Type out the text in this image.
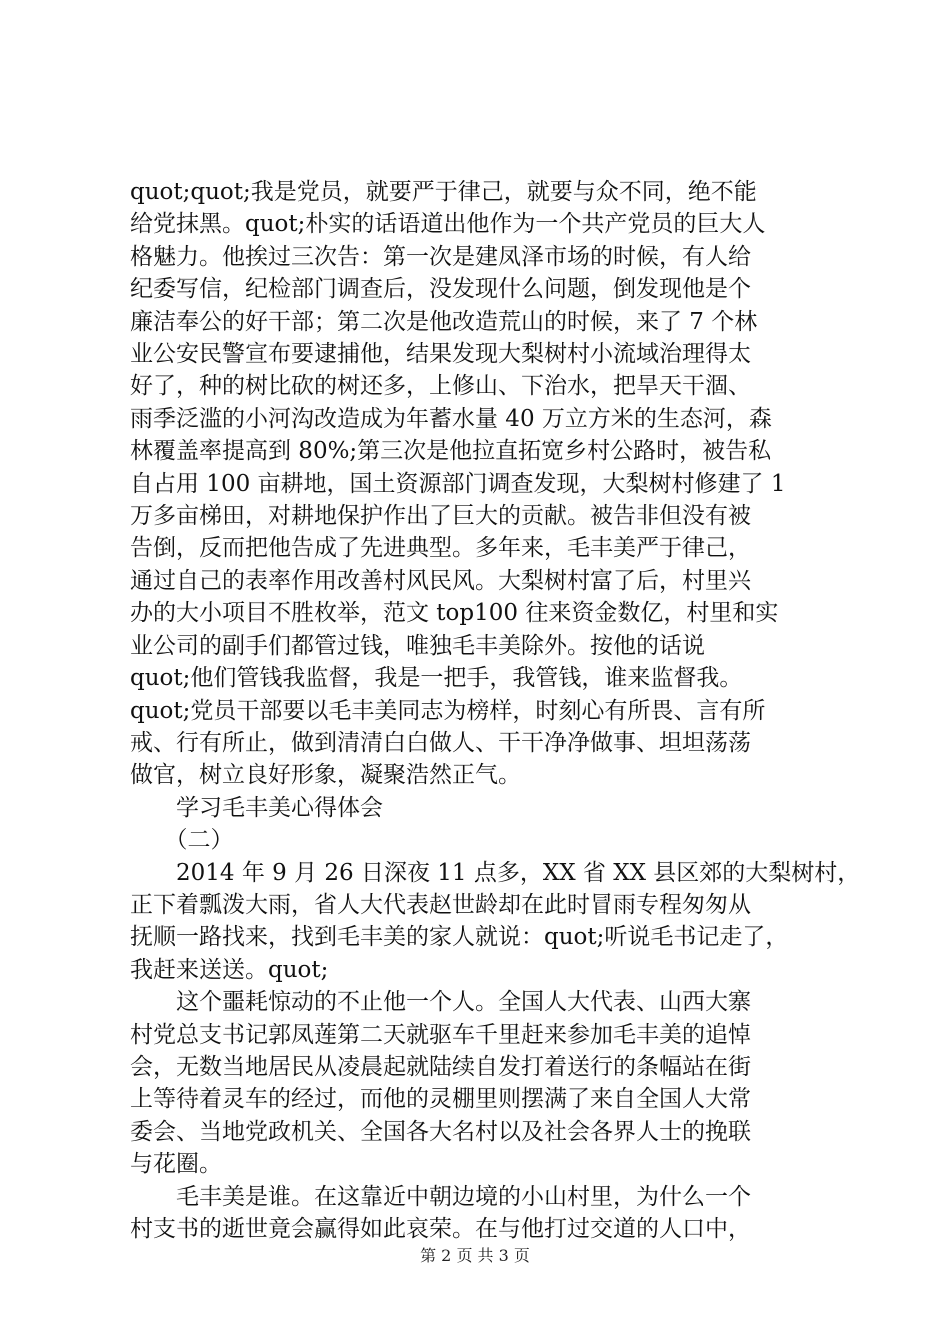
quot;quot;我是党员，就要严于律己，就要与众不同，绝不能
给党抹黑。quot;朴实的话语道出他作为一个共产党员的巨大人
格魅力。他挨过三次告：第一次是建凤泽市场的时候，有人给
纪委写信，纪检部门调查后，没发现什么问题，倒发现他是个
廉洁奉公的好干部；第二次是他改造荒山的时候，来了 7 个林
业公安民警宣布要逮捕他，结果发现大梨树村小流域治理得太
好了，种的树比砍的树还多，上修山、下治水，把旱天干涸、
雨季泛滥的小河沟改造成为年蓄水量 40 万立方米的生态河，森
林覆盖率提高到 80%;第三次是他拉直拓宽乡村公路时，被告私
自占用 100 亩耕地，国土资源部门调查发现，大梨树村修建了 1
万多亩梯田，对耕地保护作出了巨大的贡献。被告非但没有被
告倒，反而把他告成了先进典型。多年来，毛丰美严于律己，
通过自己的表率作用改善村风民风。大梨树村富了后，村里兴
办的大小项目不胜枚举，范文 top100 往来资金数亿，村里和实
业公司的副手们都管过钱，唯独毛丰美除外。按他的话说
quot;他们管钱我监督，我是一把手，我管钱，谁来监督我。
quot;党员干部要以毛丰美同志为榜样，时刻心有所畏、言有所
戒、行有所止，做到清清白白做人、干干净净做事、坦坦荡荡
做官，树立良好形象，凝聚浩然正气。
　　学习毛丰美心得体会
　　（二）
　　2014 年 9 月 26 日深夜 11 点多，XX 省 XX 县区郊的大梨树村，
正下着瓢泼大雨，省人大代表赵世龄却在此时冒雨专程匆匆从
抚顺一路找来，找到毛丰美的家人就说：quot;听说毛书记走了，
我赶来送送。quot;
　　这个噩耗惊动的不止他一个人。全国人大代表、山西大寨
村党总支书记郭凤莲第二天就驱车千里赶来参加毛丰美的追悼
会，无数当地居民从凌晨起就陆续自发打着送行的条幅站在街
上等待着灵车的经过，而他的灵棚里则摆满了来自全国人大常
委会、当地党政机关、全国各大名村以及社会各界人士的挽联
与花圈。
　　毛丰美是谁。在这靠近中朝边境的小山村里，为什么一个
村支书的逝世竟会赢得如此哀荣。在与他打过交道的人口中，
第 2 页 共 3 页
